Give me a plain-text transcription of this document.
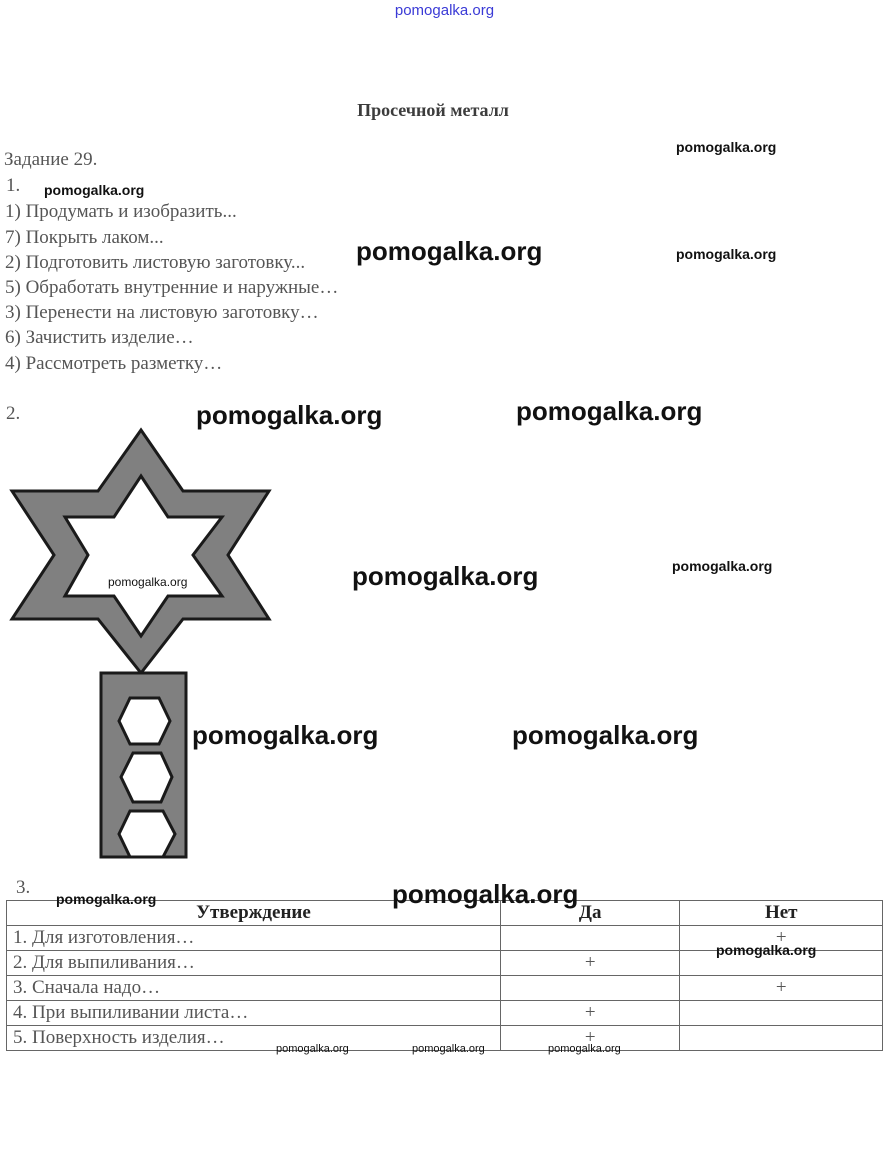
pomogalka.org
Просечной металл
Задание 29.
1.
1) Продумать и изобразить...
7) Покрыть лаком...
2) Подготовить листовую заготовку...
5) Обработать внутренние и наружные…
3) Перенести на листовую заготовку…
6) Зачистить изделие…
4) Рассмотреть разметку…
2.
3.
Утверждение	Да	Нет
1. Для изготовления…		+
2. Для выпиливания…	+	
3. Сначала надо…		+
4. При выпиливании листа…	+	
5. Поверхность изделия…	+	
pomogalka.org
pomogalka.org
pomogalka.org	pomogalka.org
pomogalka.org	pomogalka.org
pomogalka.org	pomogalka.org
pomogalka.org
pomogalka.org	pomogalka.org
pomogalka.org	pomogalka.org
pomogalka.org
pomogalka.org	pomogalka.org	pomogalka.org
